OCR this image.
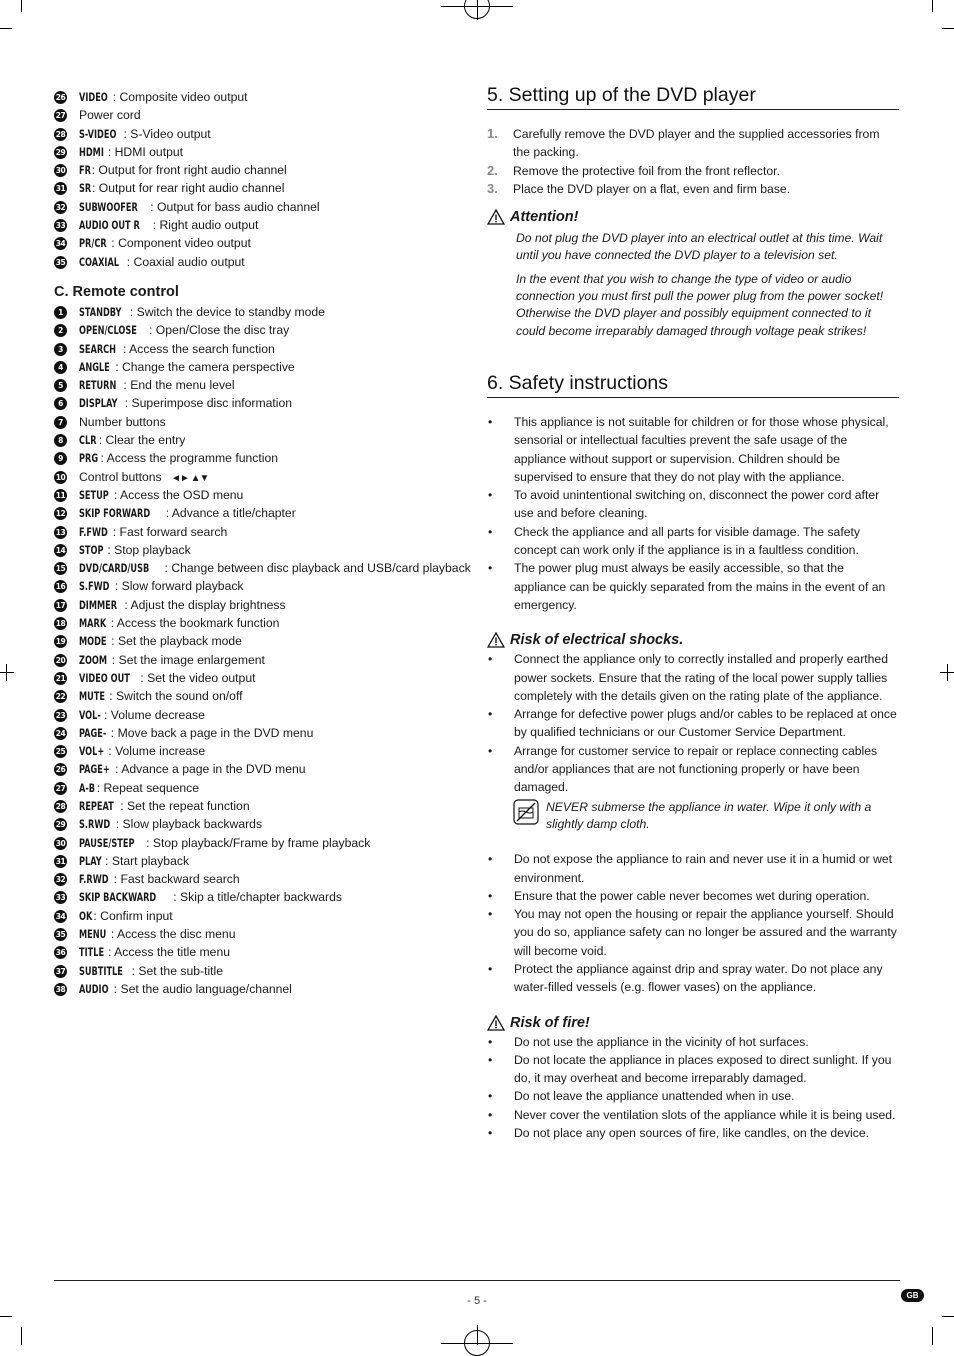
26 VIDEO : Composite video output
27 Power cord
28 S-VIDEO : S-Video output
29 HDMI : HDMI output
30 FR: Output for front right audio channel
31 SR: Output for rear right audio channel
32 SUBWOOFER : Output for bass audio channel
33 AUDIO OUT R : Right audio output
34 PR/CR : Component video output
35 COAXIAL : Coaxial audio output
C. Remote control
1	STANDBY : Switch the device to standby mode
2	OPEN/CLOSE : Open/Close the disc tray
3	SEARCH : Access the search function
4	ANGLE : Change the camera perspective
5	RETURN : End the menu level
6	DISPLAY : Superimpose disc information
7	Number buttons
8	CLR : Clear the entry
9	PRG : Access the programme function
10 Control buttons ◄► ▲▼
11 SETUP : Access the OSD menu
12 SKIP FORWARD : Advance a title/chapter
13 F.FWD : Fast forward search
14 STOP : Stop playback
15 DVD/CARD/USB : Change between disc playback and USB/card playback
16 S.FWD : Slow forward playback
17 DIMMER : Adjust the display brightness
18 MARK : Access the bookmark function
19 MODE : Set the playback mode
20 ZOOM : Set the image enlargement
21 VIDEO OUT : Set the video output
22 MUTE : Switch the sound on/off
23 VOL- : Volume decrease
24 PAGE- : Move back a page in the DVD menu
25 VOL+ : Volume increase
26 PAGE+ : Advance a page in the DVD menu
27 A-B : Repeat sequence
28 REPEAT : Set the repeat function
29 S.RWD : Slow playback backwards
30 PAUSE/STEP : Stop playback/Frame by frame playback
31 PLAY : Start playback
32 F.RWD : Fast backward search
33 SKIP BACKWARD : Skip a title/chapter backwards
34 OK: Confirm input
35 MENU : Access the disc menu
36 TITLE : Access the title menu
37 SUBTITLE : Set the sub-title
38 AUDIO : Set the audio language/channel
5. Setting up of the DVD player
1.	Carefully remove the DVD player and the supplied accessories from the packing.
2.	Remove the protective foil from the front reflector.
3.	Place the DVD player on a flat, even and firm base.
Attention!
Do not plug the DVD player into an electrical outlet at this time. Wait until you have connected the DVD player to a television set.
In the event that you wish to change the type of video or audio connection you must first pull the power plug from the power socket! Otherwise the DVD player and possibly equipment connected to it could become irreparably damaged through voltage peak strikes!
6. Safety instructions
•	This appliance is not suitable for children or for those whose physical, sensorial or intellectual faculties prevent the safe usage of the appliance without support or supervision. Children should be supervised to ensure that they do not play with the appliance.
•	To avoid unintentional switching on, disconnect the power cord after use and before cleaning.
•	Check the appliance and all parts for visible damage. The safety concept can work only if the appliance is in a faultless condition.
•	The power plug must always be easily accessible, so that the appliance can be quickly separated from the mains in the event of an emergency.
Risk of electrical shocks.
•	Connect the appliance only to correctly installed and properly earthed power sockets. Ensure that the rating of the local power supply tallies completely with the details given on the rating plate of the appliance.
•	Arrange for defective power plugs and/or cables to be replaced at once by qualified technicians or our Customer Service Department.
•	Arrange for customer service to repair or replace connecting cables and/or appliances that are not functioning properly or have been damaged.
NEVER submerse the appliance in water. Wipe it only with a slightly damp cloth.
•	Do not expose the appliance to rain and never use it in a humid or wet environment.
•	Ensure that the power cable never becomes wet during operation.
•	You may not open the housing or repair the appliance yourself. Should you do so, appliance safety can no longer be assured and the warranty will become void.
•	Protect the appliance against drip and spray water. Do not place any water-filled vessels (e.g. flower vases) on the appliance.
Risk of fire!
•	Do not use the appliance in the vicinity of hot surfaces.
•	Do not locate the appliance in places exposed to direct sunlight. If you do, it may overheat and become irreparably damaged.
•	Do not leave the appliance unattended when in use.
•	Never cover the ventilation slots of the appliance while it is being used.
•	Do not place any open sources of fire, like candles, on the device.
- 5 -	GB
